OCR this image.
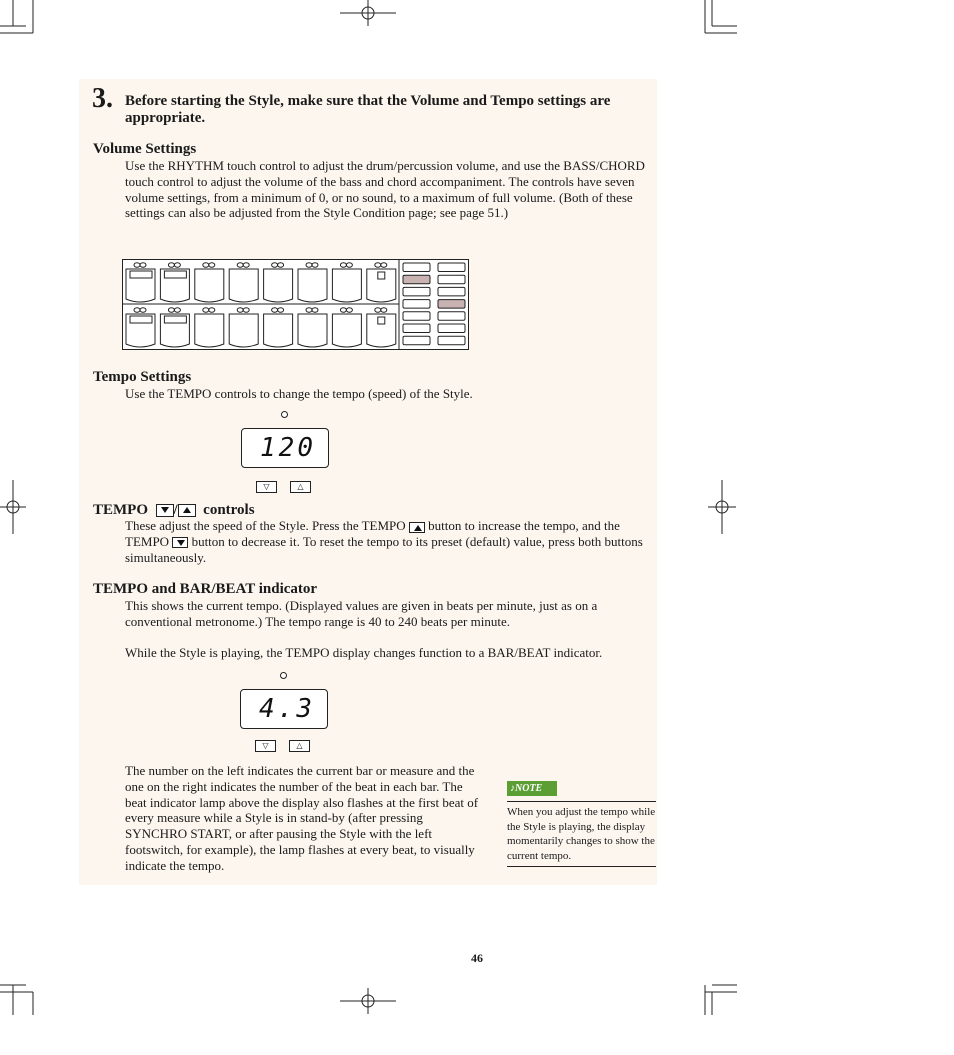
3. Before starting the Style, make sure that the Volume and Tempo settings are appropriate.
Volume Settings
Use the RHYTHM touch control to adjust the drum/percussion volume, and use the BASS/CHORD touch control to adjust the volume of the bass and chord accompaniment. The controls have seven volume settings, from a minimum of 0, or no sound, to a maximum of full volume. (Both of these settings can also be adjusted from the Style Condition page; see page 51.)
Tempo Settings
Use the TEMPO controls to change the tempo (speed) of the Style.
120
▽	△
TEMPO / controls
These adjust the speed of the Style. Press the TEMPO button to increase the tempo, and the TEMPO button to decrease it. To reset the tempo to its preset (default) value, press both buttons simultaneously.
TEMPO and BAR/BEAT indicator
This shows the current tempo. (Displayed values are given in beats per minute, just as on a conventional metronome.) The tempo range is 40 to 240 beats per minute.
While the Style is playing, the TEMPO display changes function to a BAR/BEAT indicator.
4.3
▽	△
The number on the left indicates the current bar or measure and the one on the right indicates the number of the beat in each bar. The beat indicator lamp above the display also flashes at the first beat of every measure while a Style is in stand-by (after pressing SYNCHRO START, or after pausing the Style with the left footswitch, for example), the lamp flashes at every beat, to visually indicate the tempo.
♪NOTE
When you adjust the tempo while the Style is playing, the display momentarily changes to show the current tempo.
46
